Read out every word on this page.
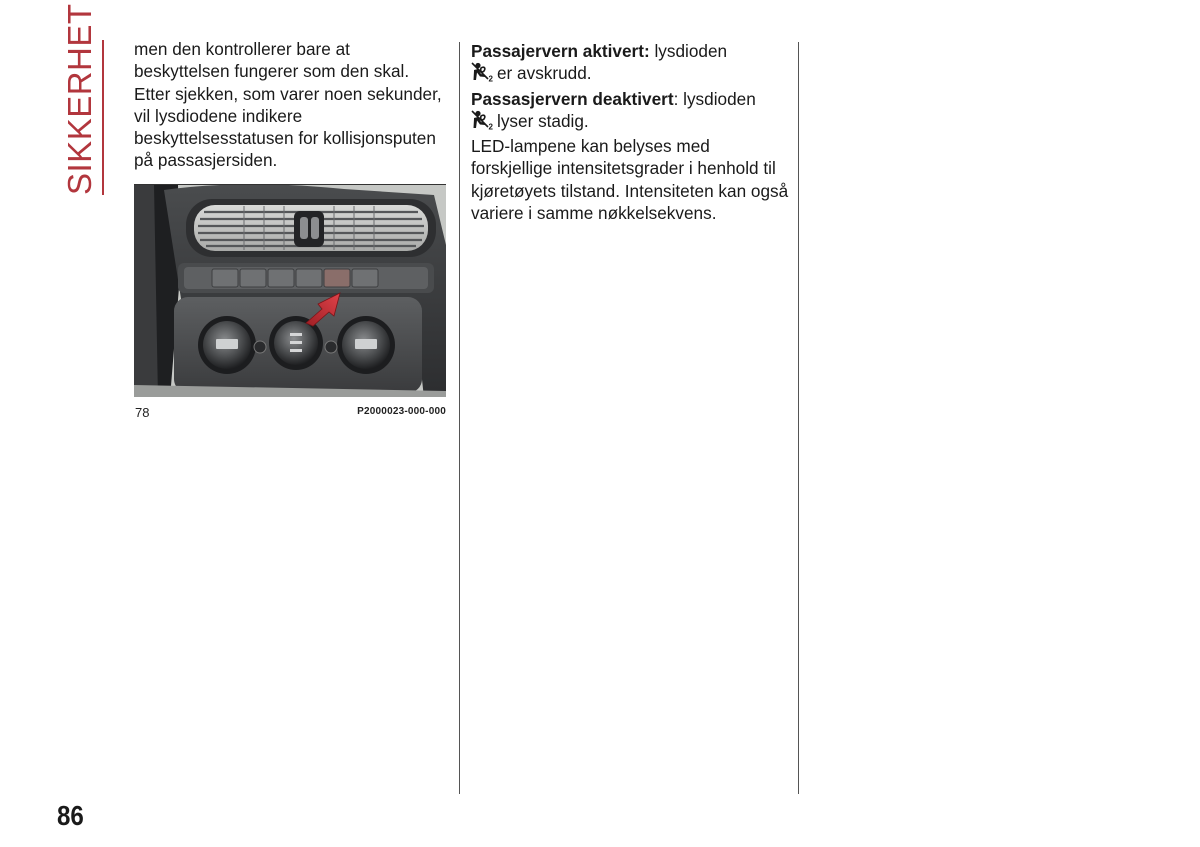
SIKKERHET men den kontrollerer bare at beskyttelsen fungerer som den skal. Etter sjekken, som varer noen sekunder, vil lysdiodene indikere beskyttelsesstatusen for kollisjonsputen på passasjersiden.

78	P2000023-000-000

Passajervern aktivert: lysdioden

2 er avskrudd.

Passasjervern deaktivert: lysdioden

2 lyser stadig.

LED-lampene kan belyses med forskjellige intensitetsgrader i henhold til kjøretøyets tilstand. Intensiteten kan også variere i samme nøkkelsekvens.

86
